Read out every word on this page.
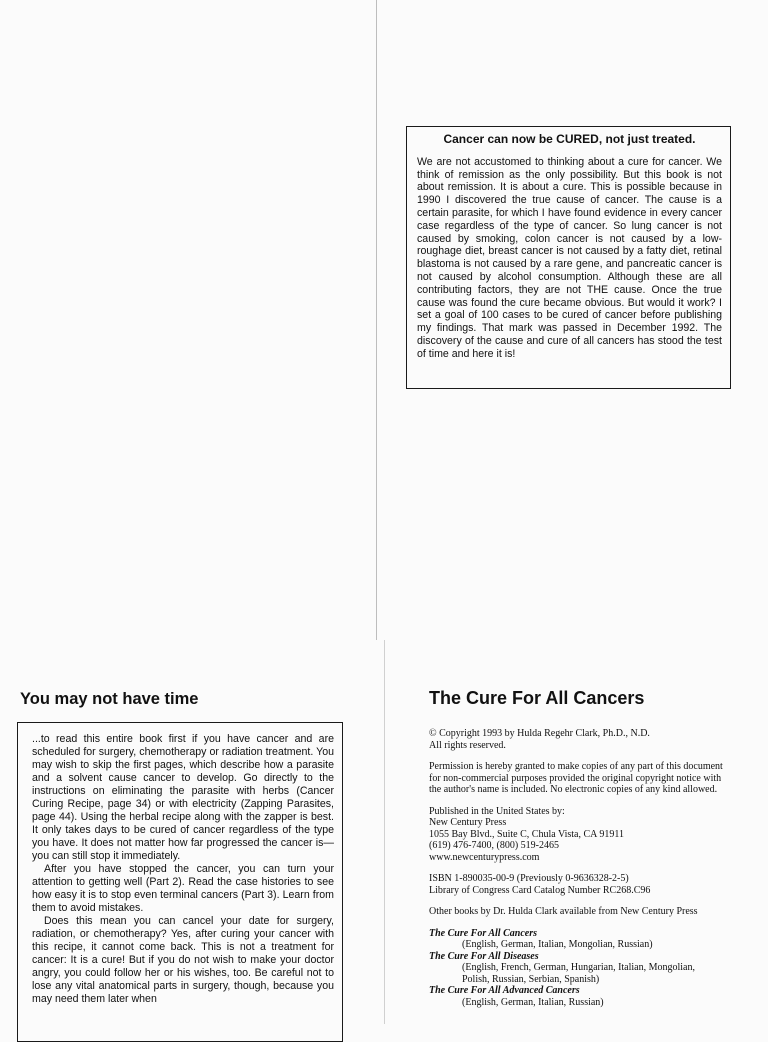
Cancer can now be CURED, not just treated.

We are not accustomed to thinking about a cure for cancer. We think of remission as the only possibility. But this book is not about remission. It is about a cure. This is possible because in 1990 I discovered the true cause of cancer. The cause is a certain parasite, for which I have found evidence in every cancer case regardless of the type of cancer. So lung cancer is not caused by smoking, colon cancer is not caused by a low-roughage diet, breast cancer is not caused by a fatty diet, retinal blastoma is not caused by a rare gene, and pancreatic cancer is not caused by alcohol consumption. Although these are all contributing factors, they are not THE cause. Once the true cause was found the cure became obvious. But would it work? I set a goal of 100 cases to be cured of cancer before publishing my findings. That mark was passed in December 1992. The discovery of the cause and cure of all cancers has stood the test of time and here it is!

You may not have time

...to read this entire book first if you have cancer and are scheduled for surgery, chemotherapy or radiation treatment. You may wish to skip the first pages, which describe how a parasite and a solvent cause cancer to develop. Go directly to the instructions on eliminating the parasite with herbs (Cancer Curing Recipe, page 34) or with electricity (Zapping Parasites, page 44). Using the herbal recipe along with the zapper is best. It only takes days to be cured of cancer regardless of the type you have. It does not matter how far progressed the cancer is—you can still stop it immediately.

After you have stopped the cancer, you can turn your attention to getting well (Part 2). Read the case histories to see how easy it is to stop even terminal cancers (Part 3). Learn from them to avoid mistakes.

Does this mean you can cancel your date for surgery, radiation, or chemotherapy? Yes, after curing your cancer with this recipe, it cannot come back. This is not a treatment for cancer: It is a cure! But if you do not wish to make your doctor angry, you could follow her or his wishes, too. Be careful not to lose any vital anatomical parts in surgery, though, because you may need them later when

The Cure For All Cancers
© Copyright 1993 by Hulda Regehr Clark, Ph.D., N.D.
All rights reserved.
Permission is hereby granted to make copies of any part of this document
for non-commercial purposes provided the original copyright notice with
the author's name is included. No electronic copies of any kind allowed.
Published in the United States by:
New Century Press
1055 Bay Blvd., Suite C, Chula Vista, CA 91911
(619) 476-7400, (800) 519-2465
www.newcenturypress.com
ISBN 1-890035-00-9 (Previously 0-9636328-2-5)
Library of Congress Card Catalog Number RC268.C96
Other books by Dr. Hulda Clark available from New Century Press
The Cure For All Cancers
(English, German, Italian, Mongolian, Russian)
The Cure For All Diseases
(English, French, German, Hungarian, Italian, Mongolian,
Polish, Russian, Serbian, Spanish)
The Cure For All Advanced Cancers
(English, German, Italian, Russian)
